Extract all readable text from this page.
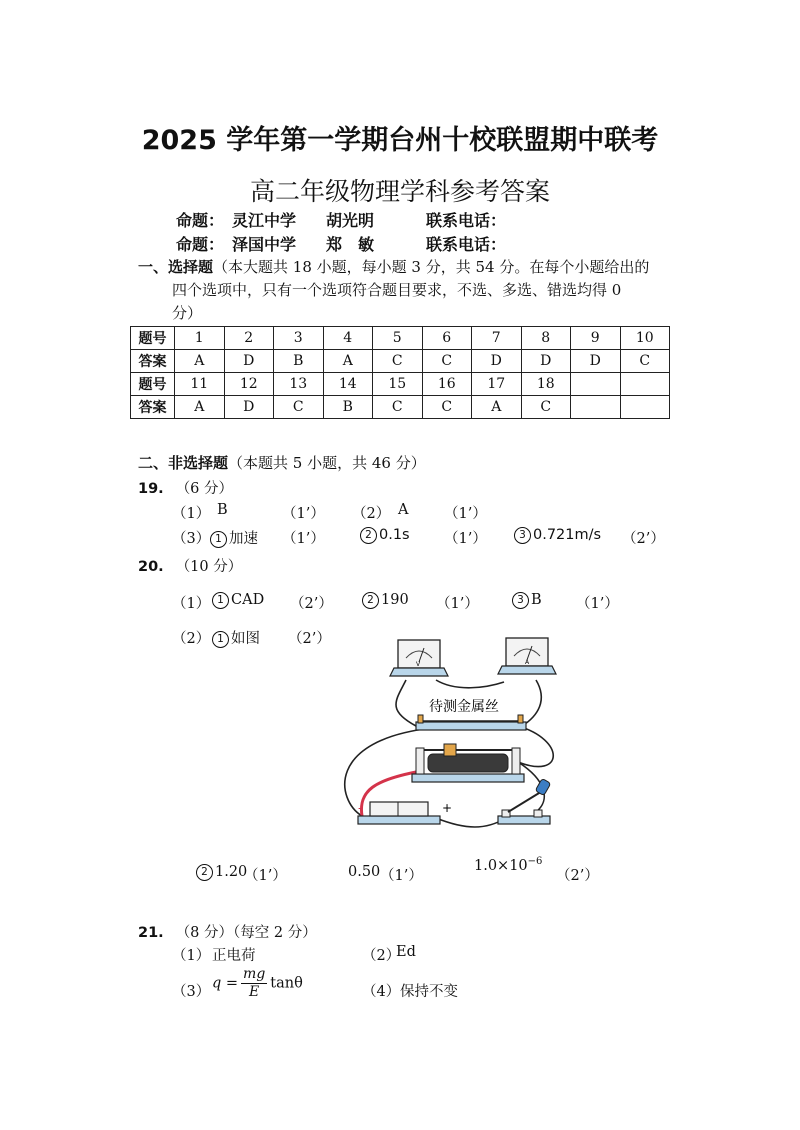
2025 学年第一学期台州十校联盟期中联考
高二年级物理学科参考答案
命题： 灵江中学 胡光明	联系电话：
命题： 泽国中学 郑　敏	联系电话：
一、选择题（本大题共 18 小题，每小题 3 分，共 54 分。在每个小题给出的
四个选项中，只有一个选项符合题目要求，不选、多选、错选均得 0
分）
题号	1	2	3	4	5	6	7	8	9	10
答案	A	D	B	A	C	C	D	D	D	C
题号	11	12	13	14	15	16	17	18		
答案	A	D	C	B	C	C	A	C		
二、非选择题（本题共 5 小题，共 46 分）
19. （6 分）
（1） B	（1’） （2） A （1’）
（3） 1 加速 （1’）	2 0.1s （1’）	3 0.721m/s （2’）
20. （10 分）
（1） 1 CAD （2’）	2 190 （1’）	3 B （1’）
（2） 1 如图 （2’）
V	A
待测金属丝
-	+
2 1.20
（1’）	0.50 （1’）
$1.0\times 10^{-6}$
（2’）
21. （8 分）（每空 2 分）
（1） 正电荷	（2）
Ed
（3）
$q = \frac{mg}{E}$ tanθ
（4） 保持不变
